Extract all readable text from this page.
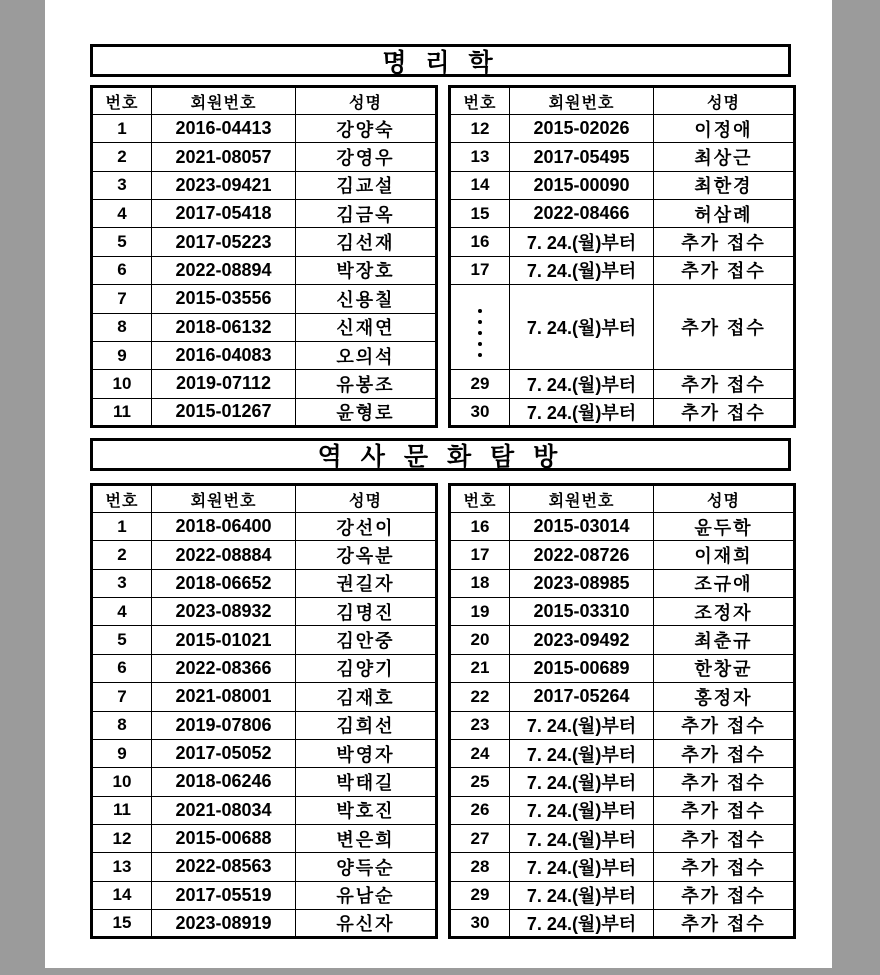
명 리 학
번호	회원번호	성명
1	2016-04413	강양숙
2	2021-08057	강영우
3	2023-09421	김교설
4	2017-05418	김금옥
5	2017-05223	김선재
6	2022-08894	박장호
7	2015-03556	신용칠
8	2018-06132	신재연
9	2016-04083	오의석
10	2019-07112	유봉조
11	2015-01267	윤형로
번호	회원번호	성명
12	2015-02026	이정애
13	2017-05495	최상근
14	2015-00090	최한경
15	2022-08466	허삼례
16	7. 24.(월)부터	추가 접수
17	7. 24.(월)부터	추가 접수

	7. 24.(월)부터	추가 접수
29	7. 24.(월)부터	추가 접수
30	7. 24.(월)부터	추가 접수
역 사 문 화 탐 방
번호	회원번호	성명
1	2018-06400	강선이
2	2022-08884	강옥분
3	2018-06652	권길자
4	2023-08932	김명진
5	2015-01021	김안중
6	2022-08366	김양기
7	2021-08001	김재호
8	2019-07806	김희선
9	2017-05052	박영자
10	2018-06246	박태길
11	2021-08034	박호진
12	2015-00688	변은희
13	2022-08563	양득순
14	2017-05519	유남순
15	2023-08919	유신자
번호	회원번호	성명
16	2015-03014	윤두학
17	2022-08726	이재희
18	2023-08985	조규애
19	2015-03310	조정자
20	2023-09492	최춘규
21	2015-00689	한창균
22	2017-05264	홍정자
23	7. 24.(월)부터	추가 접수
24	7. 24.(월)부터	추가 접수
25	7. 24.(월)부터	추가 접수
26	7. 24.(월)부터	추가 접수
27	7. 24.(월)부터	추가 접수
28	7. 24.(월)부터	추가 접수
29	7. 24.(월)부터	추가 접수
30	7. 24.(월)부터	추가 접수
